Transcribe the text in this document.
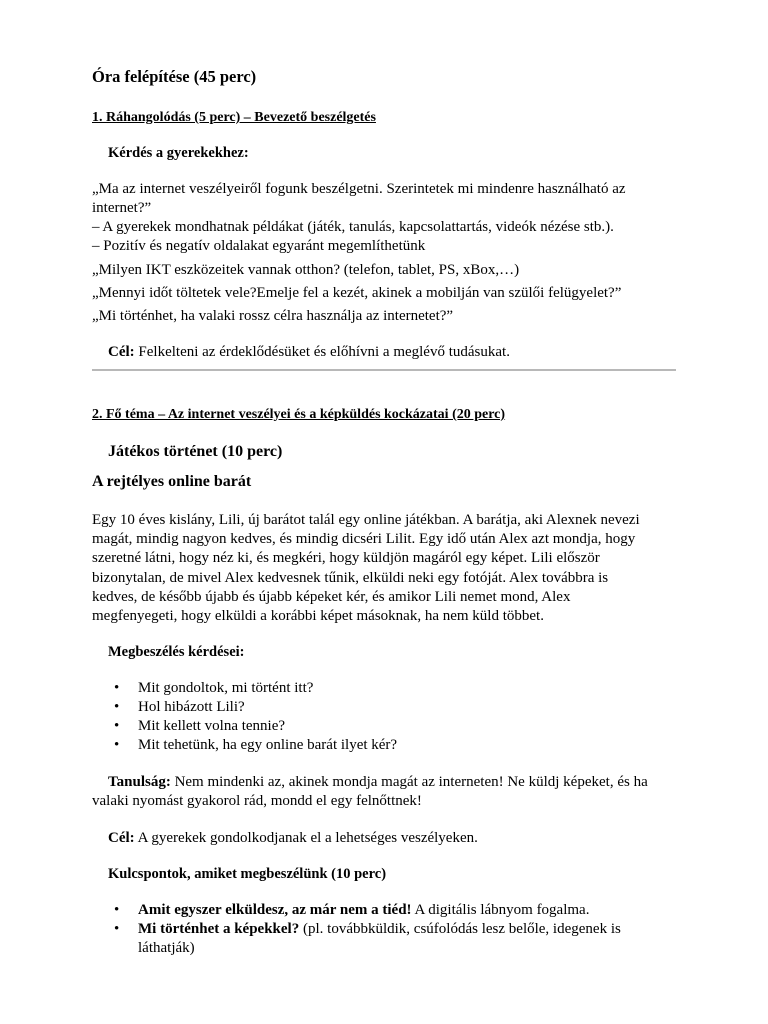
Óra felépítése (45 perc)
1. Ráhangolódás (5 perc) – Bevezető beszélgetés
Kérdés a gyerekekhez:
„Ma az internet veszélyeiről fogunk beszélgetni. Szerintetek mi mindenre használható az
internet?”
– A gyerekek mondhatnak példákat (játék, tanulás, kapcsolattartás, videók nézése stb.).
– Pozitív és negatív oldalakat egyaránt megemlíthetünk
„Milyen IKT eszközeitek vannak otthon? (telefon, tablet, PS, xBox,…)
„Mennyi időt töltetek vele?Emelje fel a kezét, akinek a mobilján van szülői felügyelet?”
„Mi történhet, ha valaki rossz célra használja az internetet?”
Cél: Felkelteni az érdeklődésüket és előhívni a meglévő tudásukat.
2. Fő téma – Az internet veszélyei és a képküldés kockázatai (20 perc)
Játékos történet (10 perc)
A rejtélyes online barát
Egy 10 éves kislány, Lili, új barátot talál egy online játékban. A barátja, aki Alexnek nevezi
magát, mindig nagyon kedves, és mindig dicséri Lilit. Egy idő után Alex azt mondja, hogy
szeretné látni, hogy néz ki, és megkéri, hogy küldjön magáról egy képet. Lili először
bizonytalan, de mivel Alex kedvesnek tűnik, elküldi neki egy fotóját. Alex továbbra is
kedves, de később újabb és újabb képeket kér, és amikor Lili nemet mond, Alex
megfenyegeti, hogy elküldi a korábbi képet másoknak, ha nem küld többet.
Megbeszélés kérdései:
• Mit gondoltok, mi történt itt?
• Hol hibázott Lili?
• Mit kellett volna tennie?
• Mit tehetünk, ha egy online barát ilyet kér?
Tanulság: Nem mindenki az, akinek mondja magát az interneten! Ne küldj képeket, és ha
valaki nyomást gyakorol rád, mondd el egy felnőttnek!
Cél: A gyerekek gondolkodjanak el a lehetséges veszélyeken.
Kulcspontok, amiket megbeszélünk (10 perc)
• Amit egyszer elküldesz, az már nem a tiéd! A digitális lábnyom fogalma.
• Mi történhet a képekkel? (pl. továbbküldik, csúfolódás lesz belőle, idegenek is
láthatják)
